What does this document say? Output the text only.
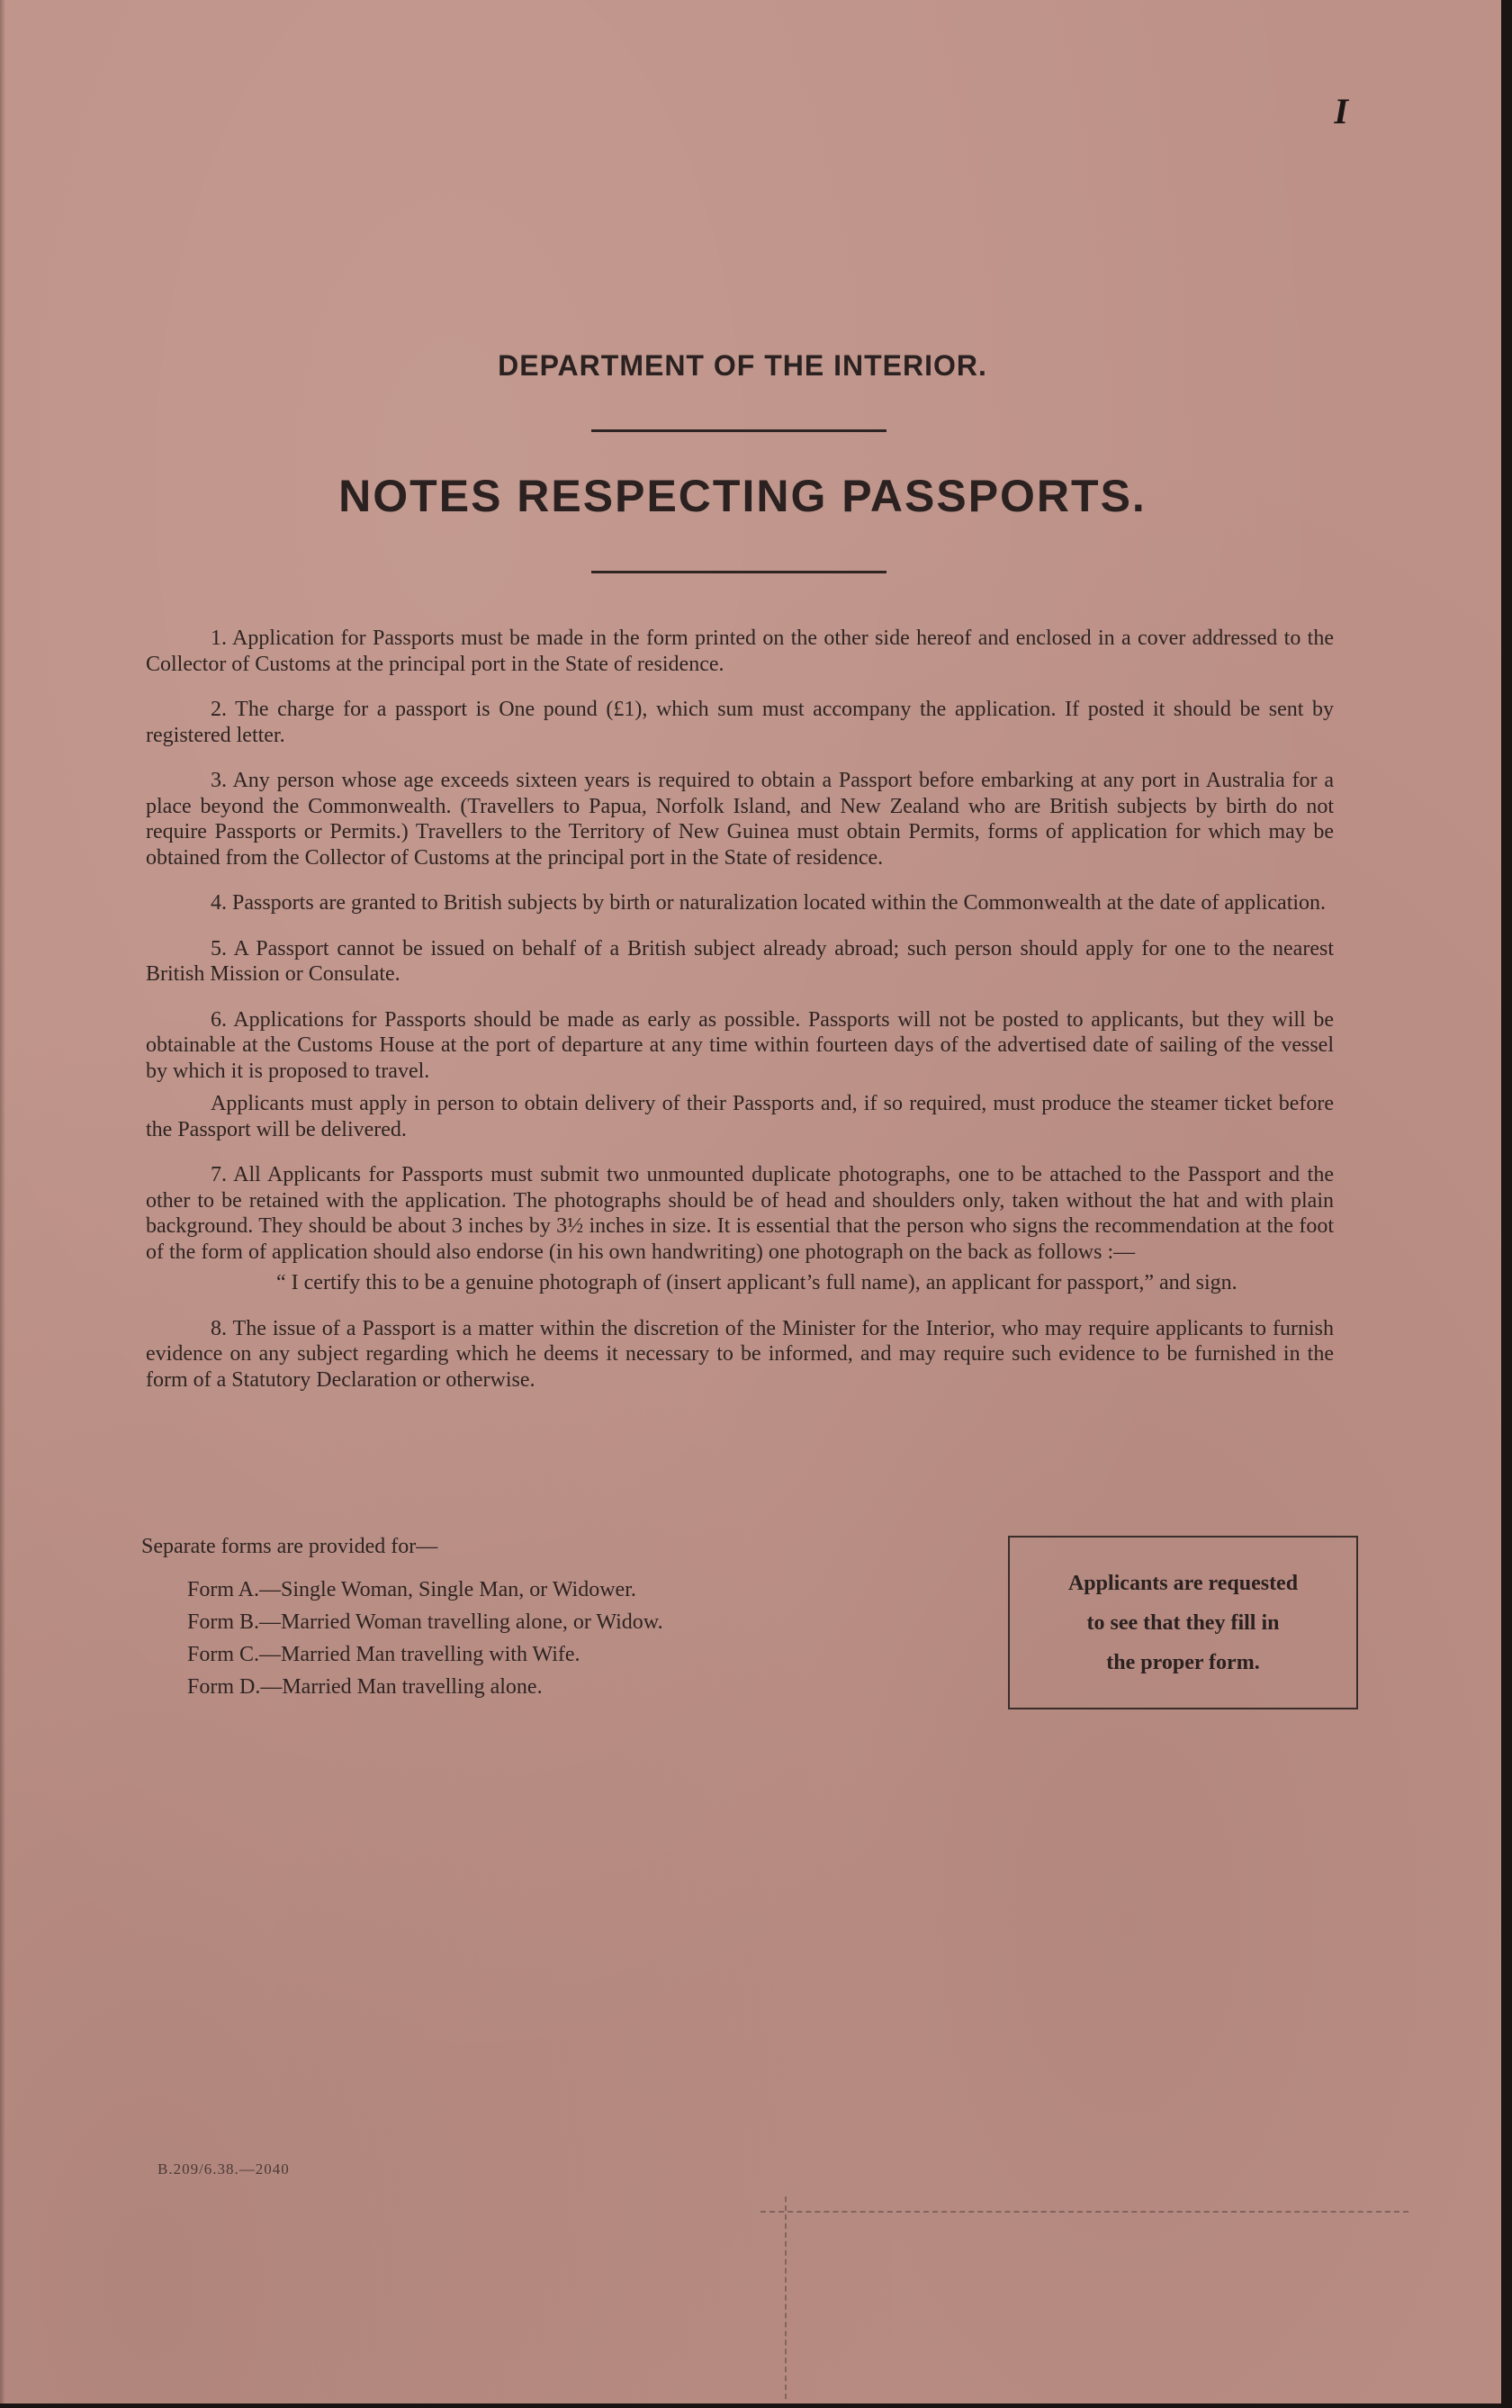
I
DEPARTMENT OF THE INTERIOR.
NOTES RESPECTING PASSPORTS.

1. Application for Passports must be made in the form printed on the other side hereof and enclosed in a cover addressed to the Collector of Customs at the principal port in the State of residence.

2. The charge for a passport is One pound (£1), which sum must accompany the application. If posted it should be sent by registered letter.

3. Any person whose age exceeds sixteen years is required to obtain a Passport before embarking at any port in Australia for a place beyond the Commonwealth. (Travellers to Papua, Norfolk Island, and New Zealand who are British subjects by birth do not require Passports or Permits.) Travellers to the Territory of New Guinea must obtain Permits, forms of application for which may be obtained from the Collector of Customs at the principal port in the State of residence.

4. Passports are granted to British subjects by birth or naturalization located within the Commonwealth at the date of application.

5. A Passport cannot be issued on behalf of a British subject already abroad; such person should apply for one to the nearest British Mission or Consulate.

6. Applications for Passports should be made as early as possible. Passports will not be posted to applicants, but they will be obtainable at the Customs House at the port of departure at any time within fourteen days of the advertised date of sailing of the vessel by which it is proposed to travel.

Applicants must apply in person to obtain delivery of their Passports and, if so required, must produce the steamer ticket before the Passport will be delivered.

7. All Applicants for Passports must submit two unmounted duplicate photographs, one to be attached to the Passport and the other to be retained with the application. The photographs should be of head and shoulders only, taken without the hat and with plain background. They should be about 3 inches by 3½ inches in size. It is essential that the person who signs the recommendation at the foot of the form of application should also endorse (in his own handwriting) one photograph on the back as follows :—

“ I certify this to be a genuine photograph of (insert applicant’s full name), an applicant for passport,” and sign.

8. The issue of a Passport is a matter within the discretion of the Minister for the Interior, who may require applicants to furnish evidence on any subject regarding which he deems it necessary to be informed, and may require such evidence to be furnished in the form of a Statutory Declaration or otherwise.

Separate forms are provided for—
Form A.—Single Woman, Single Man, or Widower.
Form B.—Married Woman travelling alone, or Widow.
Form C.—Married Man travelling with Wife.
Form D.—Married Man travelling alone.
Applicants are requested
to see that they fill in
the proper form.
B.209/6.38.—2040
